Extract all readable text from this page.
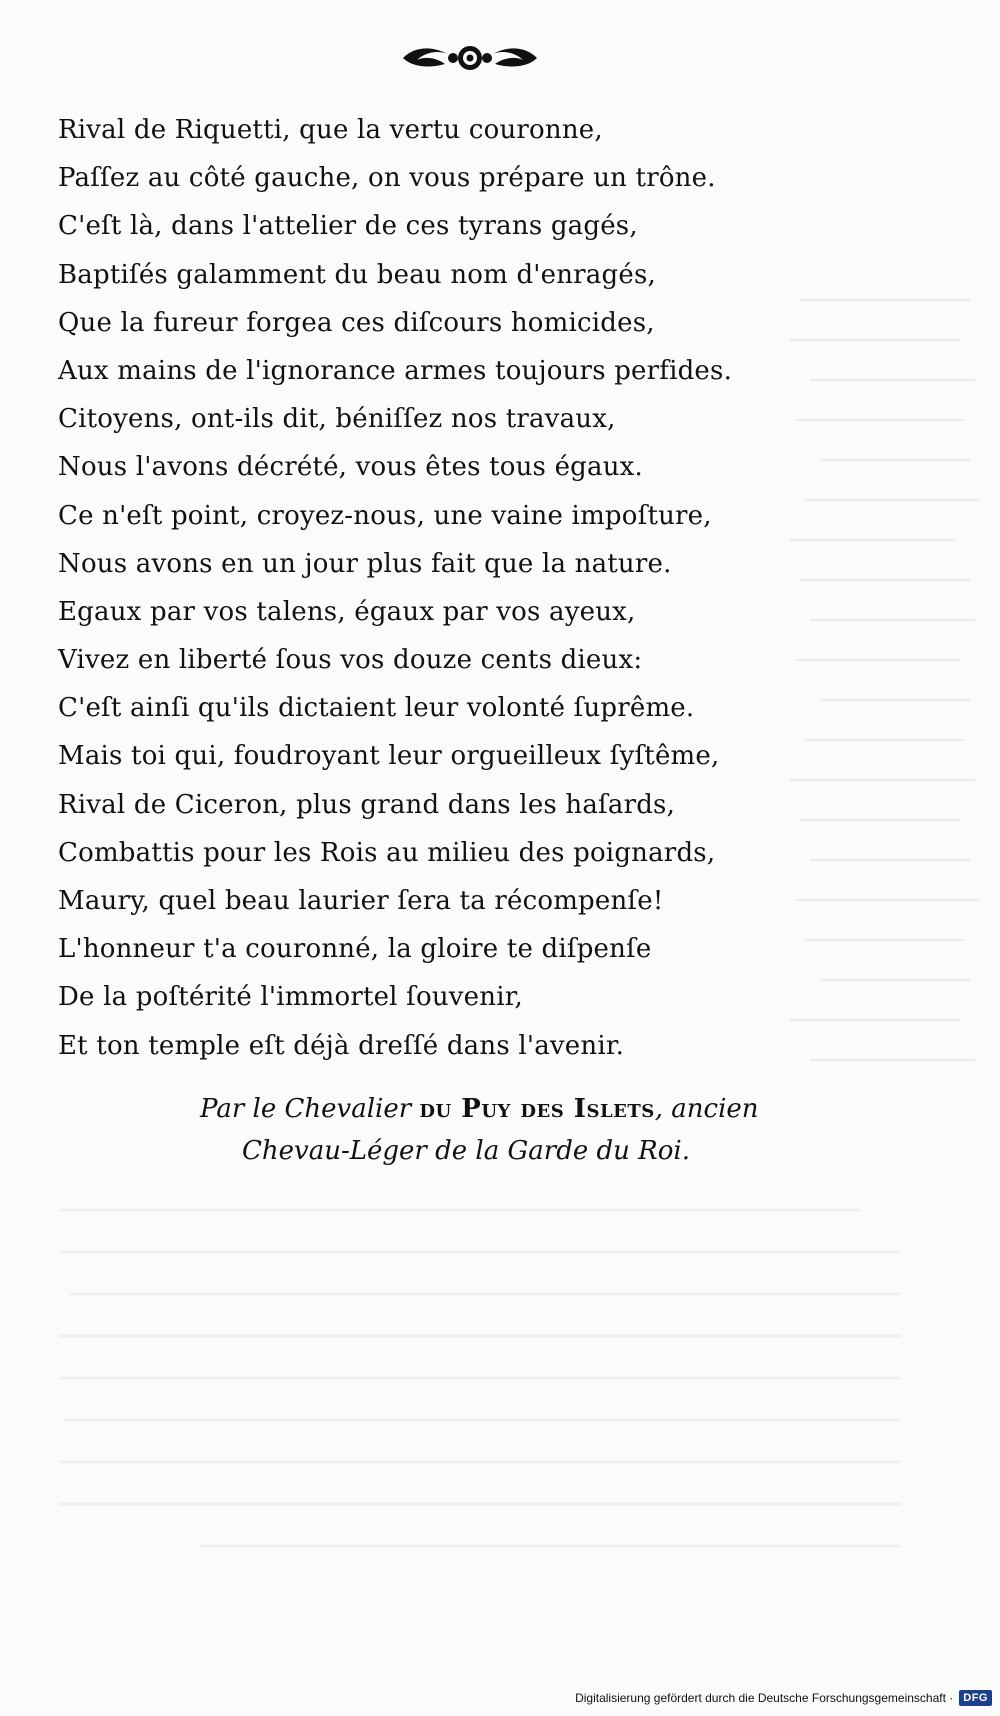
Rival de Riquetti, que la vertu couronne,
Paſſez au côté gauche, on vous prépare un trône.
C'eſt là, dans l'attelier de ces tyrans gagés,
Baptiſés galamment du beau nom d'enragés,
Que la fureur forgea ces diſcours homicides,
Aux mains de l'ignorance armes toujours perfides.
Citoyens, ont-ils dit, béniſſez nos travaux,
Nous l'avons décrété, vous êtes tous égaux.
Ce n'eſt point, croyez-nous, une vaine impoſture,
Nous avons en un jour plus fait que la nature.
Egaux par vos talens, égaux par vos ayeux,
Vivez en liberté ſous vos douze cents dieux:
C'eſt ainſi qu'ils dictaient leur volonté ſuprême.
Mais toi qui, foudroyant leur orgueilleux ſyſtême,
Rival de Ciceron, plus grand dans les haſards,
Combattis pour les Rois au milieu des poignards,
Maury, quel beau laurier ſera ta récompenſe!
L'honneur t'a couronné, la gloire te diſpenſe
De la poſtérité l'immortel ſouvenir,
Et ton temple eſt déjà dreſſé dans l'avenir.
Par le Chevalier du Puy des Islets, ancien
Chevau-Léger de la Garde du Roi.
Digitalisierung gefördert durch die Deutsche Forschungsgemeinschaft · DFG
